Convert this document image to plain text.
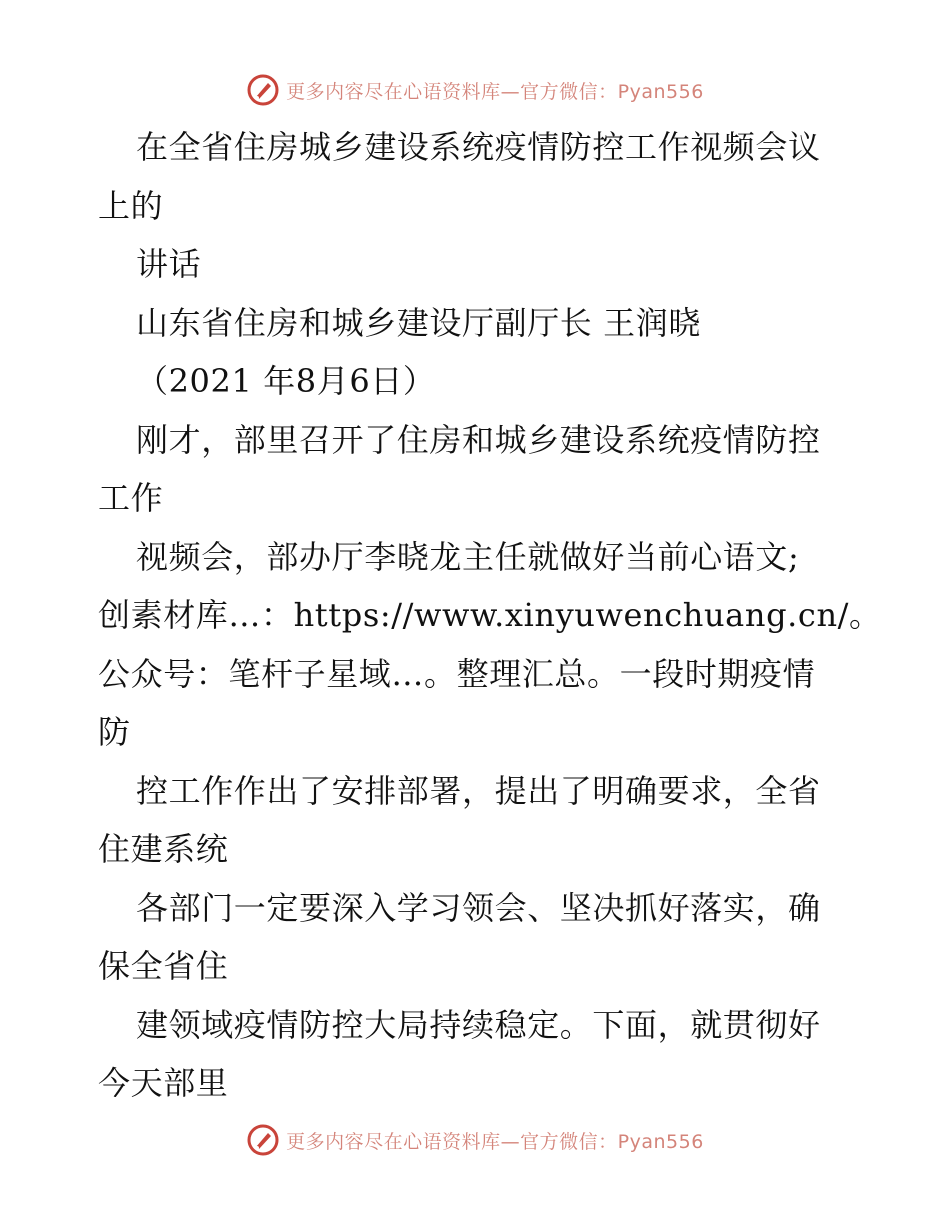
更多内容尽在心语资料库—官方微信：Pyan556
在全省住房城乡建设系统疫情防控工作视频会议
上的
讲话
山东省住房和城乡建设厅副厅长 王润晓
（2021 年8月6日）
刚才，部里召开了住房和城乡建设系统疫情防控
工作
视频会，部办厅李晓龙主任就做好当前心语文;
创素材库…：https://www.xinyuwenchuang.cn/。
公众号：笔杆子星域…。整理汇总。一段时期疫情
防
控工作作出了安排部署，提出了明确要求，全省
住建系统
各部门一定要深入学习领会、坚决抓好落实，确
保全省住
建领域疫情防控大局持续稳定。下面，就贯彻好
今天部里
更多内容尽在心语资料库—官方微信：Pyan556
